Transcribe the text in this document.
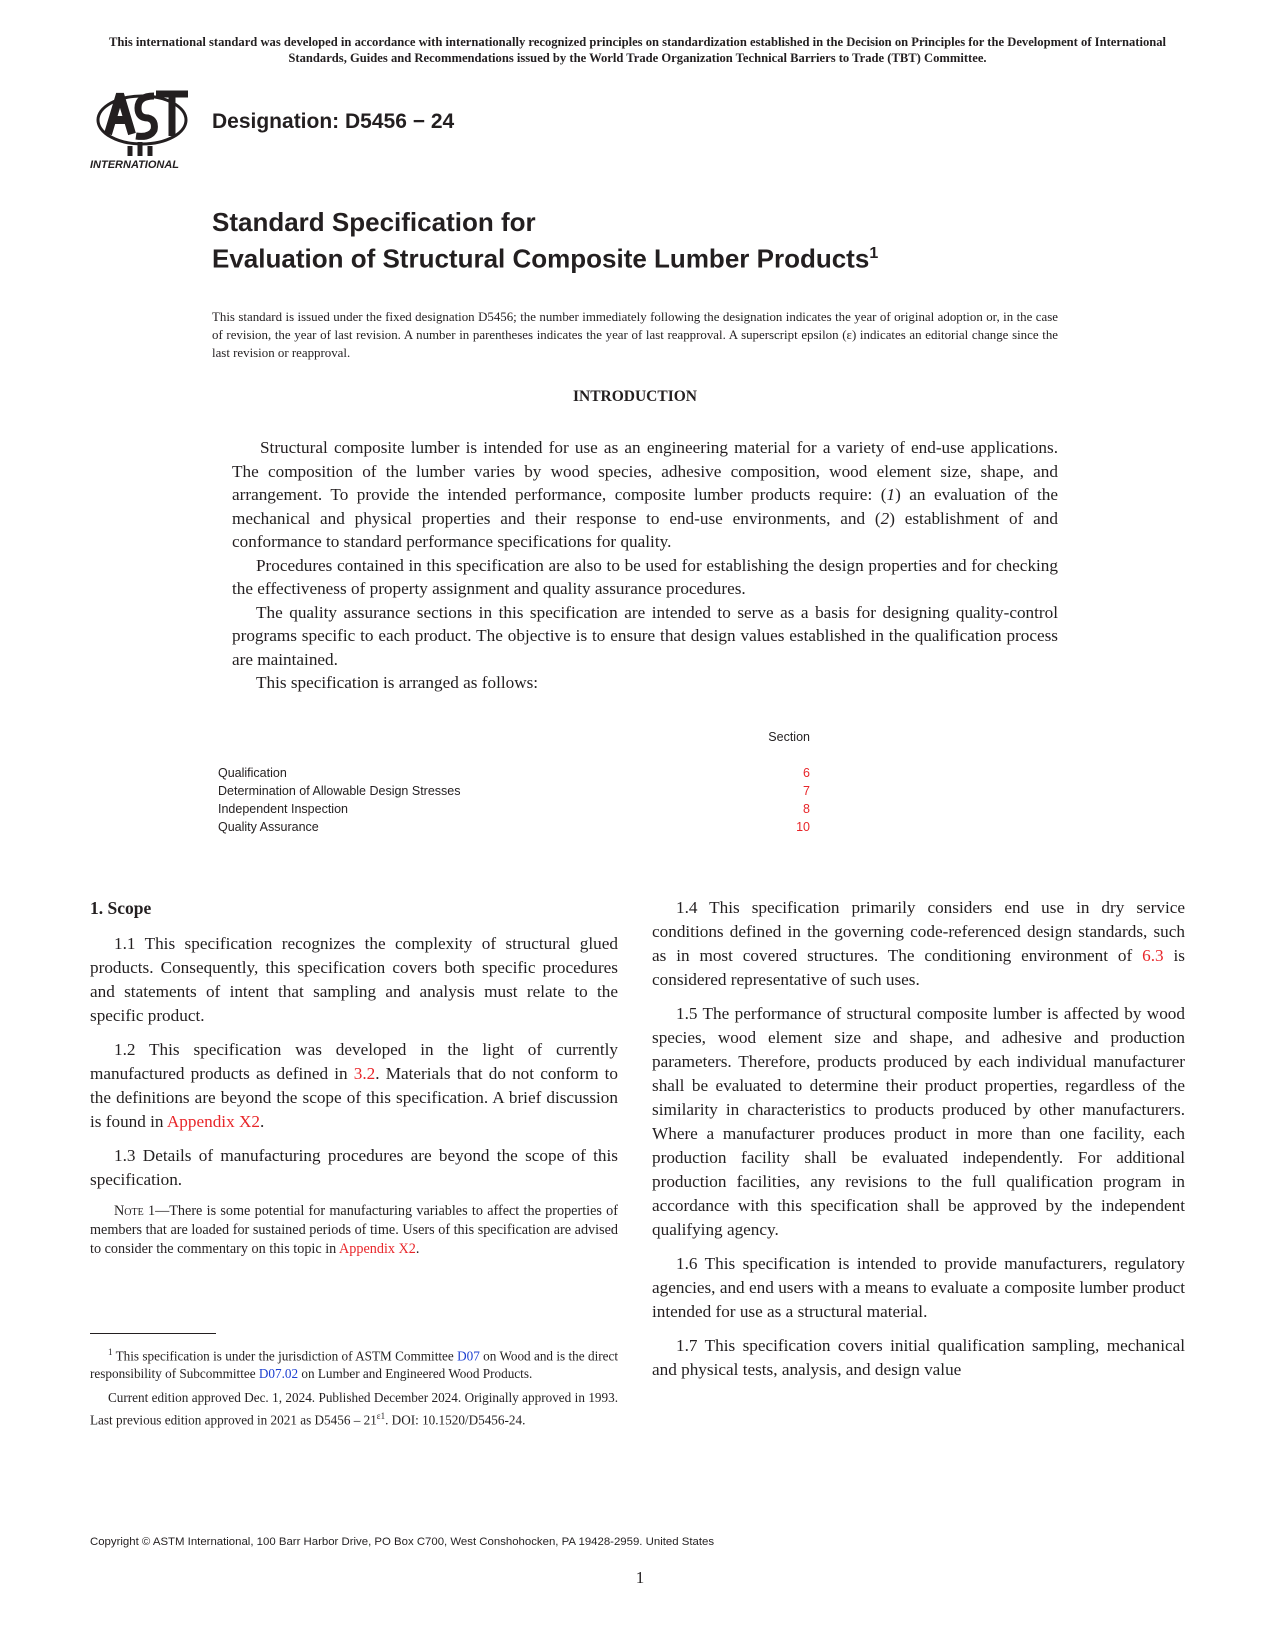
This international standard was developed in accordance with internationally recognized principles on standardization established in the Decision on Principles for the Development of International Standards, Guides and Recommendations issued by the World Trade Organization Technical Barriers to Trade (TBT) Committee.
INTERNATIONAL
Designation: D5456 − 24
Standard Specification for
Evaluation of Structural Composite Lumber Products$^1$
This standard is issued under the fixed designation D5456; the number immediately following the designation indicates the year of original adoption or, in the case of revision, the year of last revision. A number in parentheses indicates the year of last reapproval. A superscript epsilon (ε) indicates an editorial change since the last revision or reapproval.
INTRODUCTION

Structural composite lumber is intended for use as an engineering material for a variety of end-use applications. The composition of the lumber varies by wood species, adhesive composition, wood element size, shape, and arrangement. To provide the intended performance, composite lumber products require: (1) an evaluation of the mechanical and physical properties and their response to end-use environments, and (2) establishment of and conformance to standard performance specifications for quality.

Procedures contained in this specification are also to be used for establishing the design properties and for checking the effectiveness of property assignment and quality assurance procedures.

The quality assurance sections in this specification are intended to serve as a basis for designing quality-control programs specific to each product. The objective is to ensure that design values established in the qualification process are maintained.

This specification is arranged as follows:

Section
Qualification	6
Determination of Allowable Design Stresses	7
Independent Inspection	8
Quality Assurance	10
1. Scope

1.1 This specification recognizes the complexity of structural glued products. Consequently, this specification covers both specific procedures and statements of intent that sampling and analysis must relate to the specific product.

1.2 This specification was developed in the light of currently manufactured products as defined in 3.2. Materials that do not conform to the definitions are beyond the scope of this specification. A brief discussion is found in Appendix X2.

1.3 Details of manufacturing procedures are beyond the scope of this specification.

Note 1—There is some potential for manufacturing variables to affect the properties of members that are loaded for sustained periods of time. Users of this specification are advised to consider the commentary on this topic in Appendix X2.

1.4 This specification primarily considers end use in dry service conditions defined in the governing code-referenced design standards, such as in most covered structures. The conditioning environment of 6.3 is considered representative of such uses.

1.5 The performance of structural composite lumber is affected by wood species, wood element size and shape, and adhesive and production parameters. Therefore, products produced by each individual manufacturer shall be evaluated to determine their product properties, regardless of the similarity in characteristics to products produced by other manufacturers. Where a manufacturer produces product in more than one facility, each production facility shall be evaluated independently. For additional production facilities, any revisions to the full qualification program in accordance with this specification shall be approved by the independent qualifying agency.

1.6 This specification is intended to provide manufacturers, regulatory agencies, and end users with a means to evaluate a composite lumber product intended for use as a structural material.

1.7 This specification covers initial qualification sampling, mechanical and physical tests, analysis, and design value

$^1$ This specification is under the jurisdiction of ASTM Committee D07 on Wood and is the direct responsibility of Subcommittee D07.02 on Lumber and Engineered Wood Products.

Current edition approved Dec. 1, 2024. Published December 2024. Originally approved in 1993. Last previous edition approved in 2021 as $D5456 - 21^{\varepsilon 1}$. DOI: 10.1520/D5456-24.

Copyright © ASTM International, 100 Barr Harbor Drive, PO Box C700, West Conshohocken, PA 19428-2959. United States
1
